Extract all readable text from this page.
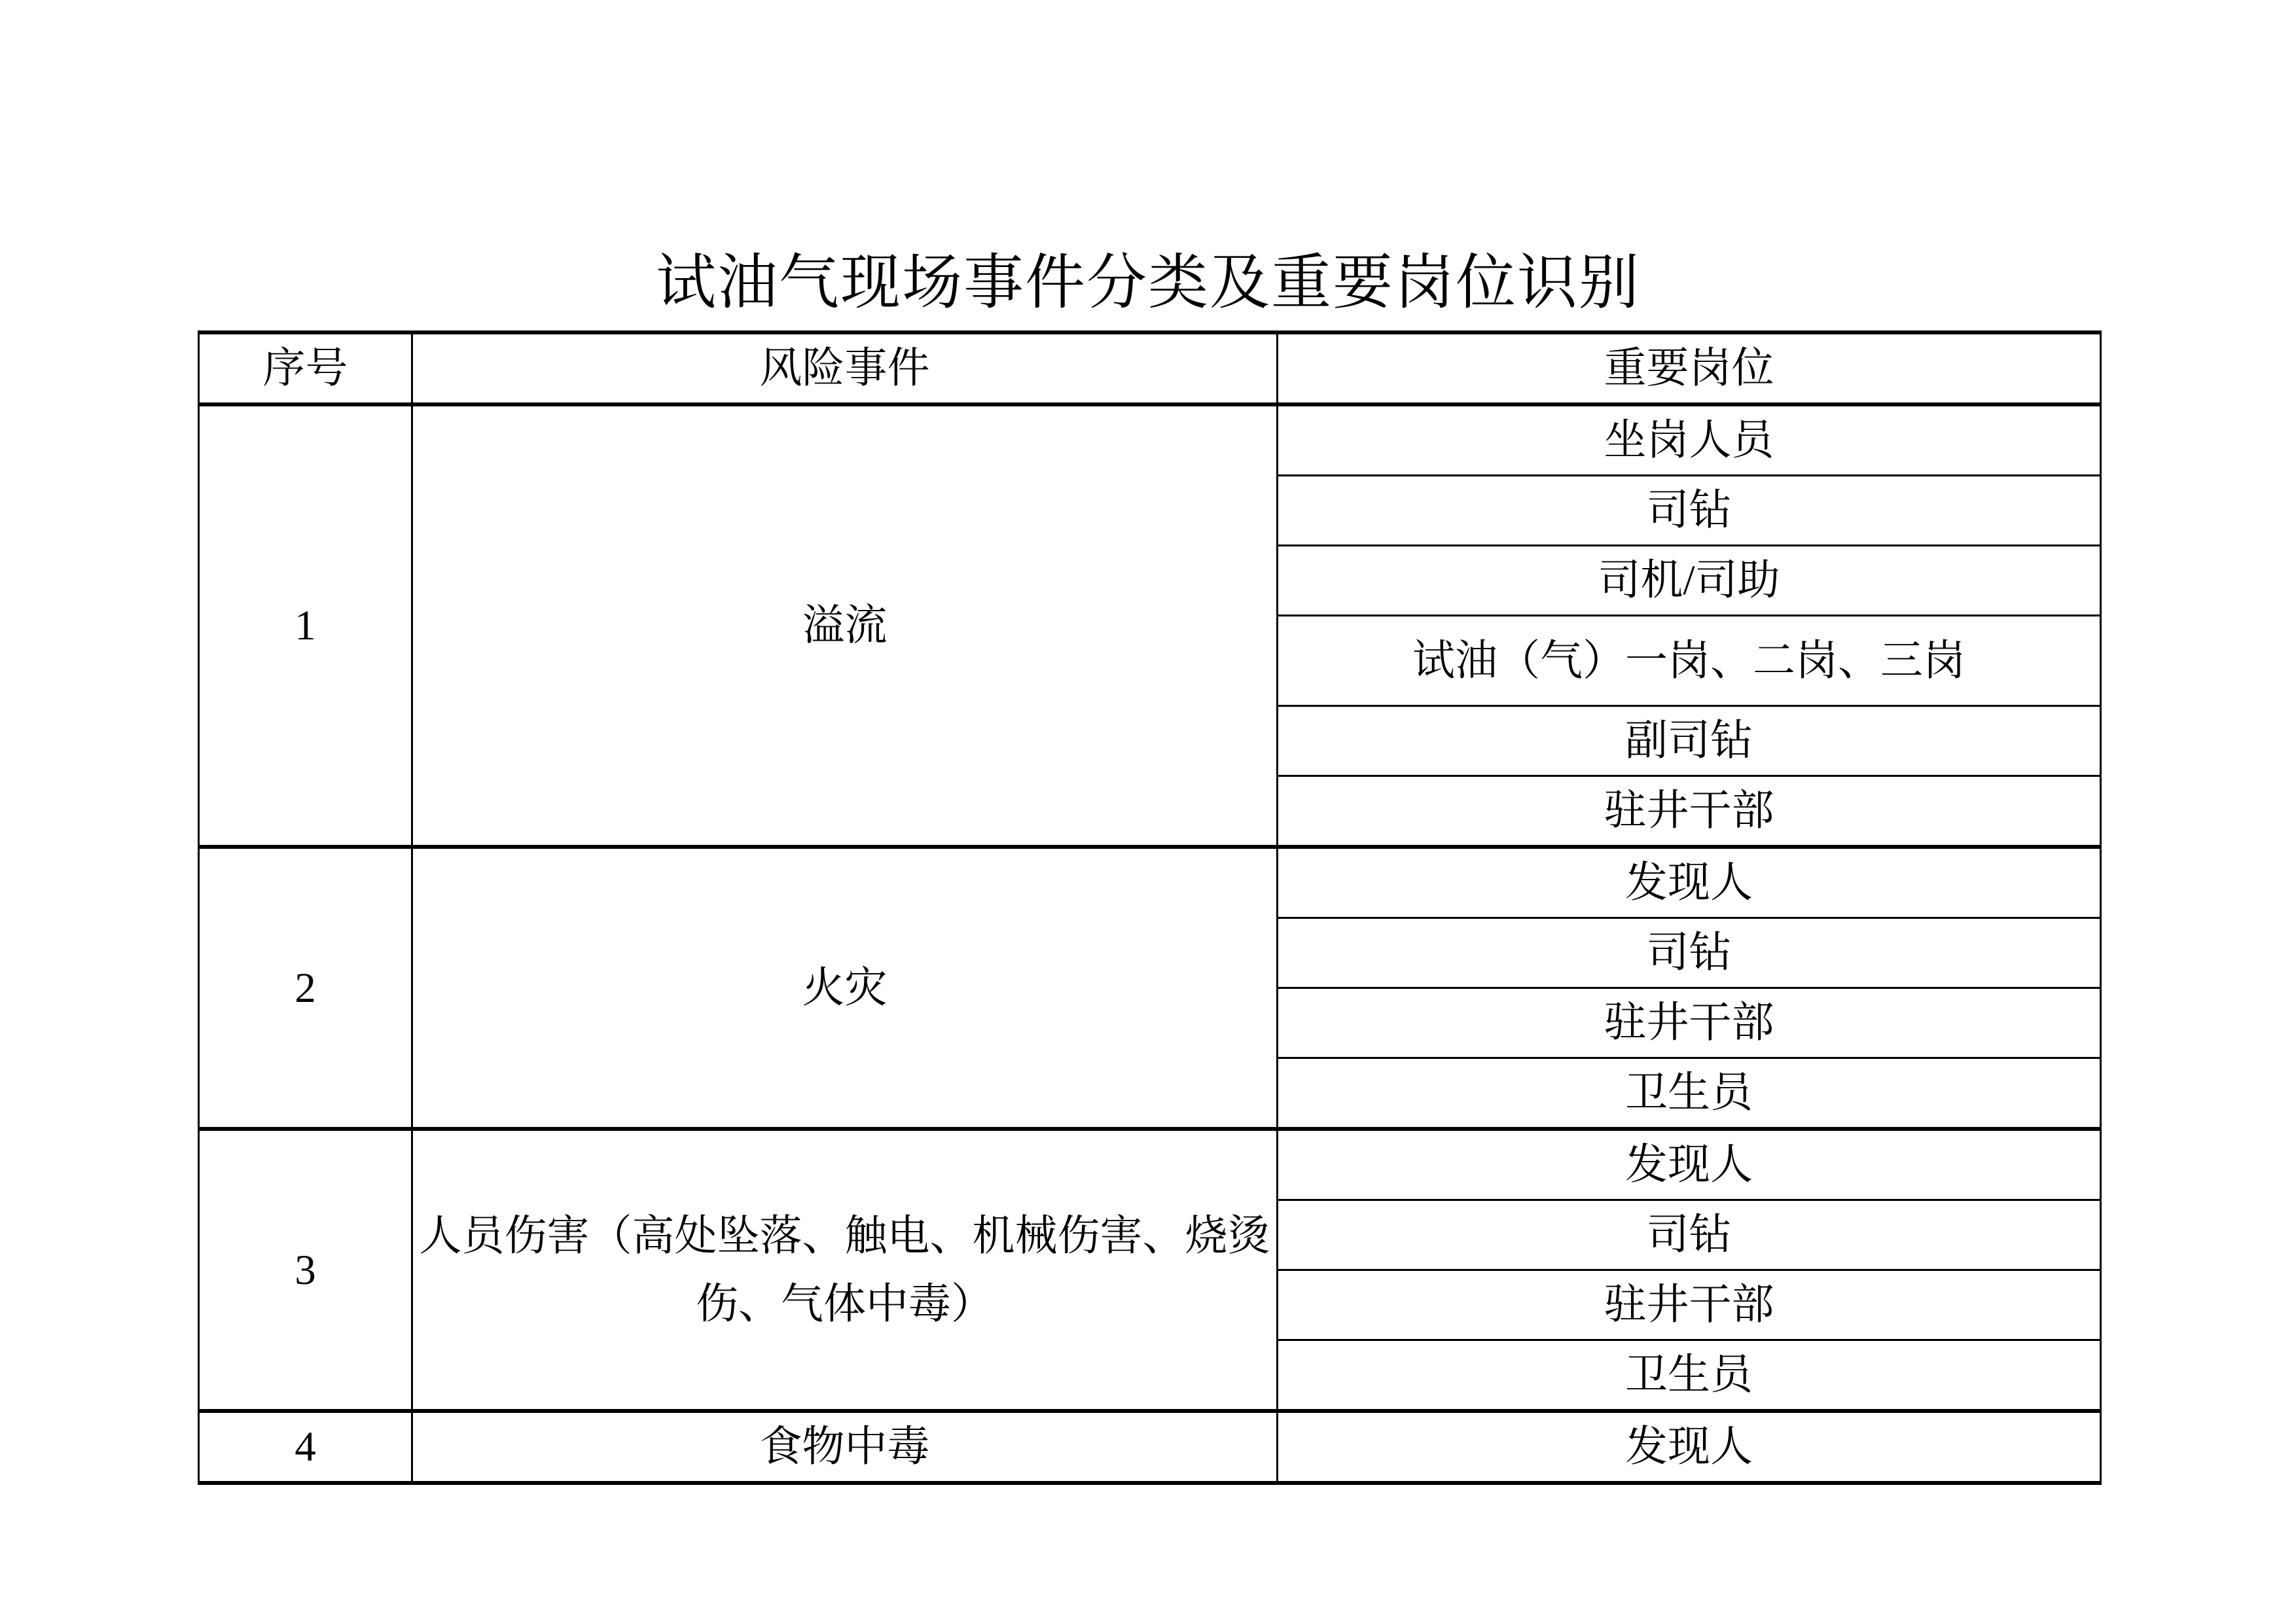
试油气现场事件分类及重要岗位识别
序号	风险事件	重要岗位
1	溢流	坐岗人员
		司钻
		司机/司助
		试油（气）一岗、二岗、三岗
		副司钻
		驻井干部
2	火灾	发现人
		司钻
		驻井干部
		卫生员
3	人员伤害（高处坠落、触电、机械伤害、烧烫伤、气体中毒）	发现人
		司钻
		驻井干部
		卫生员
4	食物中毒	发现人
